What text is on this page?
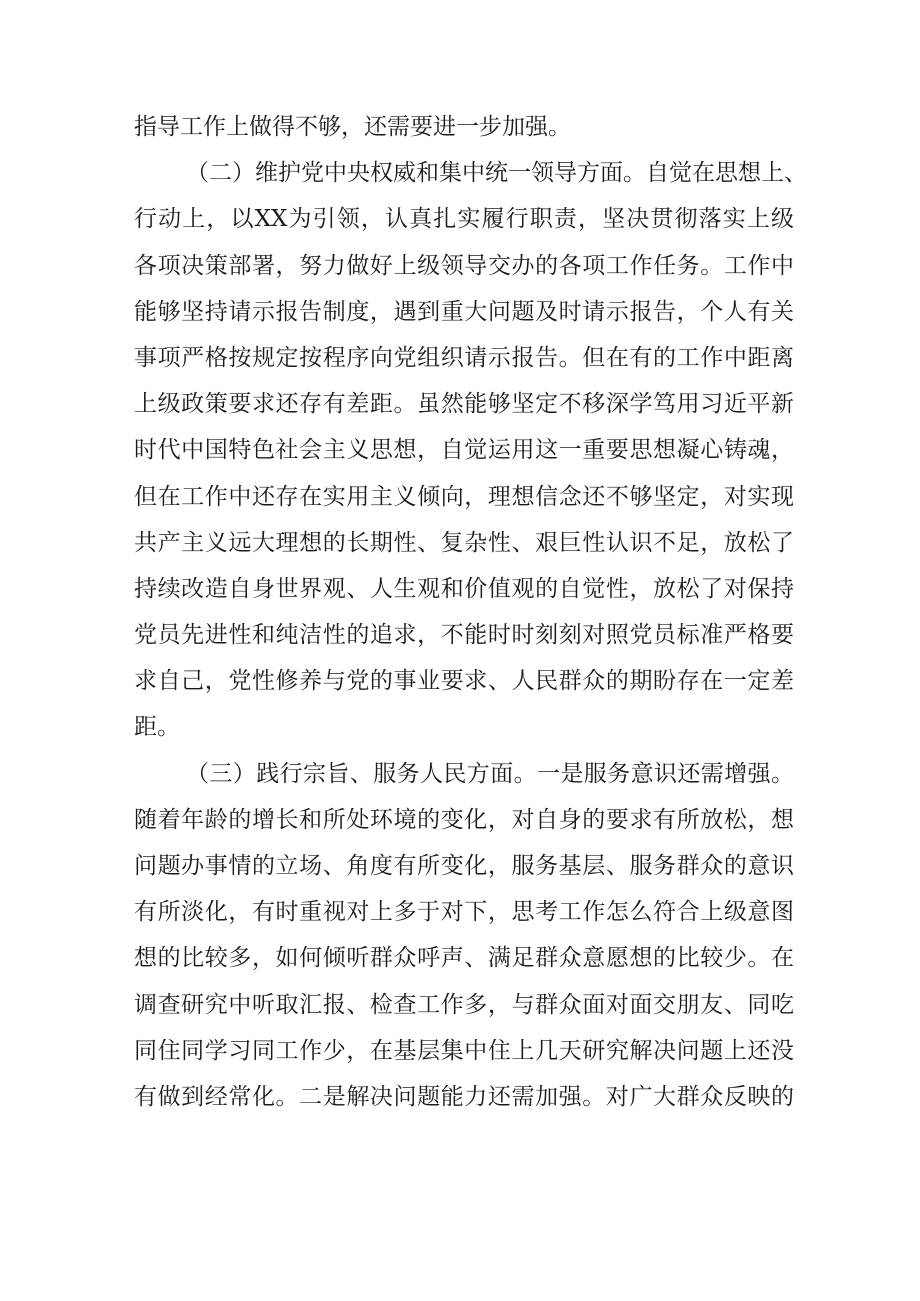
指导工作上做得不够，还需要进一步加强。
（二）维护党中央权威和集中统一领导方面。自觉在思想上、
行动上，以XX为引领，认真扎实履行职责，坚决贯彻落实上级
各项决策部署，努力做好上级领导交办的各项工作任务。工作中
能够坚持请示报告制度，遇到重大问题及时请示报告，个人有关
事项严格按规定按程序向党组织请示报告。但在有的工作中距离
上级政策要求还存有差距。虽然能够坚定不移深学笃用习近平新
时代中国特色社会主义思想，自觉运用这一重要思想凝心铸魂，
但在工作中还存在实用主义倾向，理想信念还不够坚定，对实现
共产主义远大理想的长期性、复杂性、艰巨性认识不足，放松了
持续改造自身世界观、人生观和价值观的自觉性，放松了对保持
党员先进性和纯洁性的追求，不能时时刻刻对照党员标准严格要
求自己，党性修养与党的事业要求、人民群众的期盼存在一定差
距。
（三）践行宗旨、服务人民方面。一是服务意识还需增强。
随着年龄的增长和所处环境的变化，对自身的要求有所放松，想
问题办事情的立场、角度有所变化，服务基层、服务群众的意识
有所淡化，有时重视对上多于对下，思考工作怎么符合上级意图
想的比较多，如何倾听群众呼声、满足群众意愿想的比较少。在
调查研究中听取汇报、检查工作多，与群众面对面交朋友、同吃
同住同学习同工作少，在基层集中住上几天研究解决问题上还没
有做到经常化。二是解决问题能力还需加强。对广大群众反映的
